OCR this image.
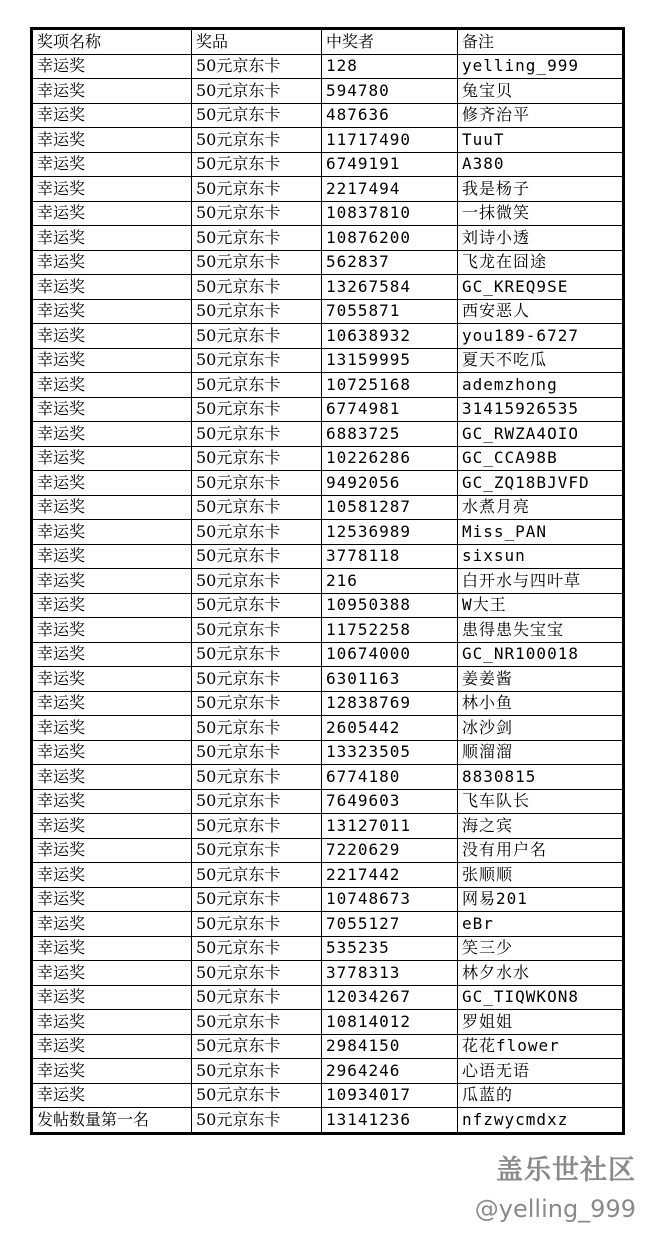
奖项名称	奖品	中奖者	备注
幸运奖	50元京东卡	128	yelling_999
幸运奖	50元京东卡	594780	兔宝贝
幸运奖	50元京东卡	487636	修齐治平
幸运奖	50元京东卡	11717490	TuuT
幸运奖	50元京东卡	6749191	A380
幸运奖	50元京东卡	2217494	我是杨子
幸运奖	50元京东卡	10837810	一抹微笑
幸运奖	50元京东卡	10876200	刘诗小透
幸运奖	50元京东卡	562837	飞龙在囧途
幸运奖	50元京东卡	13267584	GC_KREQ9SE
幸运奖	50元京东卡	7055871	西安恶人
幸运奖	50元京东卡	10638932	you189-6727
幸运奖	50元京东卡	13159995	夏天不吃瓜
幸运奖	50元京东卡	10725168	ademzhong
幸运奖	50元京东卡	6774981	31415926535
幸运奖	50元京东卡	6883725	GC_RWZA4OIO
幸运奖	50元京东卡	10226286	GC_CCA98B
幸运奖	50元京东卡	9492056	GC_ZQ18BJVFD
幸运奖	50元京东卡	10581287	水煮月亮
幸运奖	50元京东卡	12536989	Miss_PAN
幸运奖	50元京东卡	3778118	sixsun
幸运奖	50元京东卡	216	白开水与四叶草
幸运奖	50元京东卡	10950388	W大王
幸运奖	50元京东卡	11752258	患得患失宝宝
幸运奖	50元京东卡	10674000	GC_NR100018
幸运奖	50元京东卡	6301163	姜姜酱
幸运奖	50元京东卡	12838769	林小鱼
幸运奖	50元京东卡	2605442	冰沙剑
幸运奖	50元京东卡	13323505	顺溜溜
幸运奖	50元京东卡	6774180	8830815
幸运奖	50元京东卡	7649603	飞车队长
幸运奖	50元京东卡	13127011	海之宾
幸运奖	50元京东卡	7220629	没有用户名
幸运奖	50元京东卡	2217442	张顺顺
幸运奖	50元京东卡	10748673	网易201
幸运奖	50元京东卡	7055127	eBr
幸运奖	50元京东卡	535235	笑三少
幸运奖	50元京东卡	3778313	林夕水水
幸运奖	50元京东卡	12034267	GC_TIQWKON8
幸运奖	50元京东卡	10814012	罗姐姐
幸运奖	50元京东卡	2984150	花花flower
幸运奖	50元京东卡	2964246	心语无语
幸运奖	50元京东卡	10934017	瓜蓝的
发帖数量第一名	50元京东卡	13141236	nfzwycmdxz
盖乐世社区
@yelling_999
